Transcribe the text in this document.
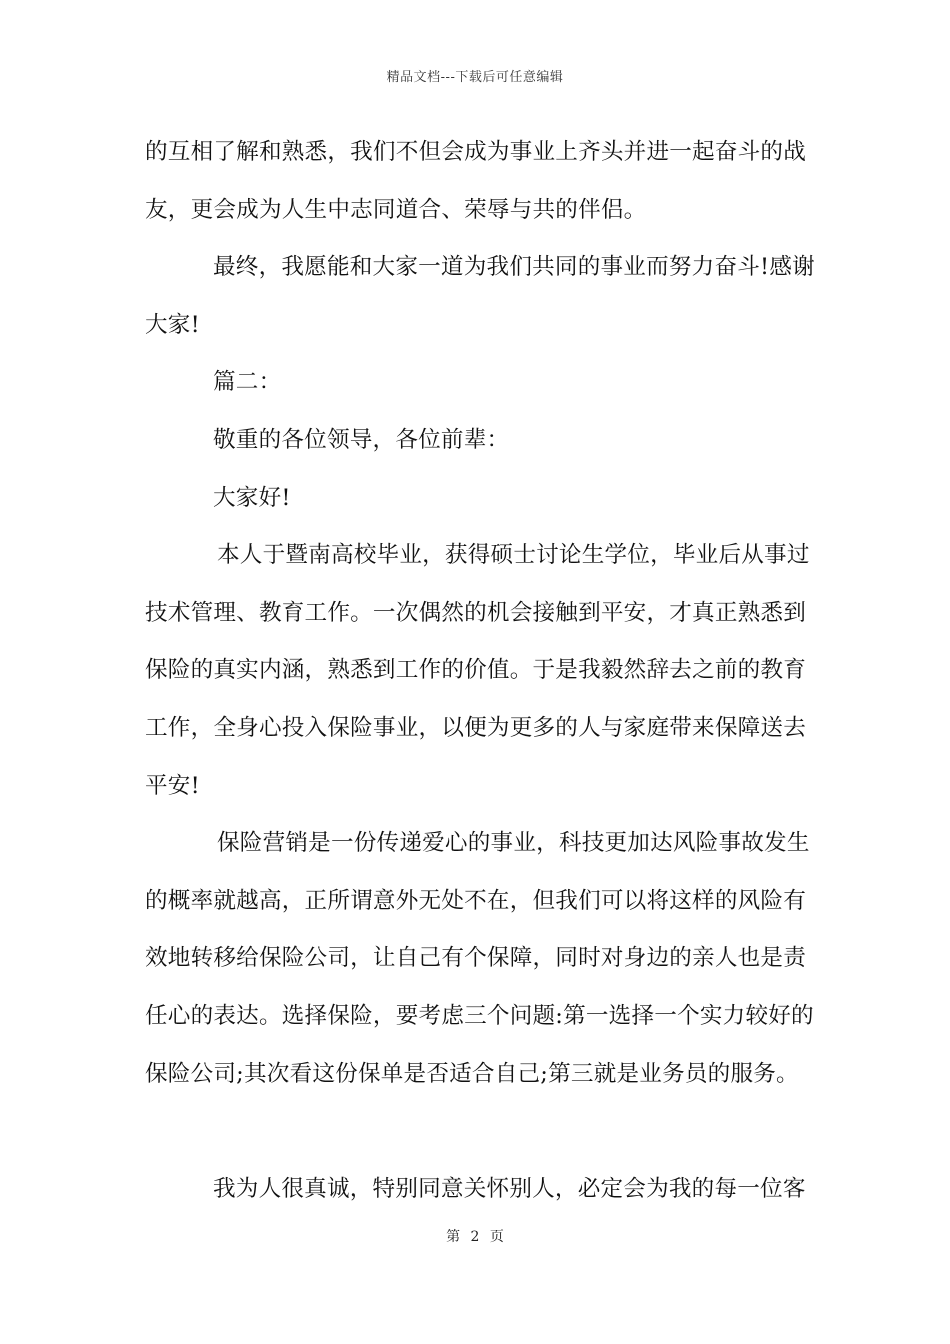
精品文档---下载后可任意编辑
的互相了解和熟悉，我们不但会成为事业上齐头并进一起奋斗的战
友，更会成为人生中志同道合、荣辱与共的伴侣。
最终，我愿能和大家一道为我们共同的事业而努力奋斗!感谢
大家!
篇二：
敬重的各位领导，各位前辈：
大家好!
本人于暨南高校毕业，获得硕士讨论生学位，毕业后从事过
技术管理、教育工作。一次偶然的机会接触到平安，才真正熟悉到
保险的真实内涵，熟悉到工作的价值。于是我毅然辞去之前的教育
工作，全身心投入保险事业，以便为更多的人与家庭带来保障送去
平安!
保险营销是一份传递爱心的事业，科技更加达风险事故发生
的概率就越高，正所谓意外无处不在，但我们可以将这样的风险有
效地转移给保险公司，让自己有个保障，同时对身边的亲人也是责
任心的表达。选择保险，要考虑三个问题:第一选择一个实力较好的
保险公司;其次看这份保单是否适合自己;第三就是业务员的服务。
我为人很真诚，特别同意关怀别人，必定会为我的每一位客
第 2 页
